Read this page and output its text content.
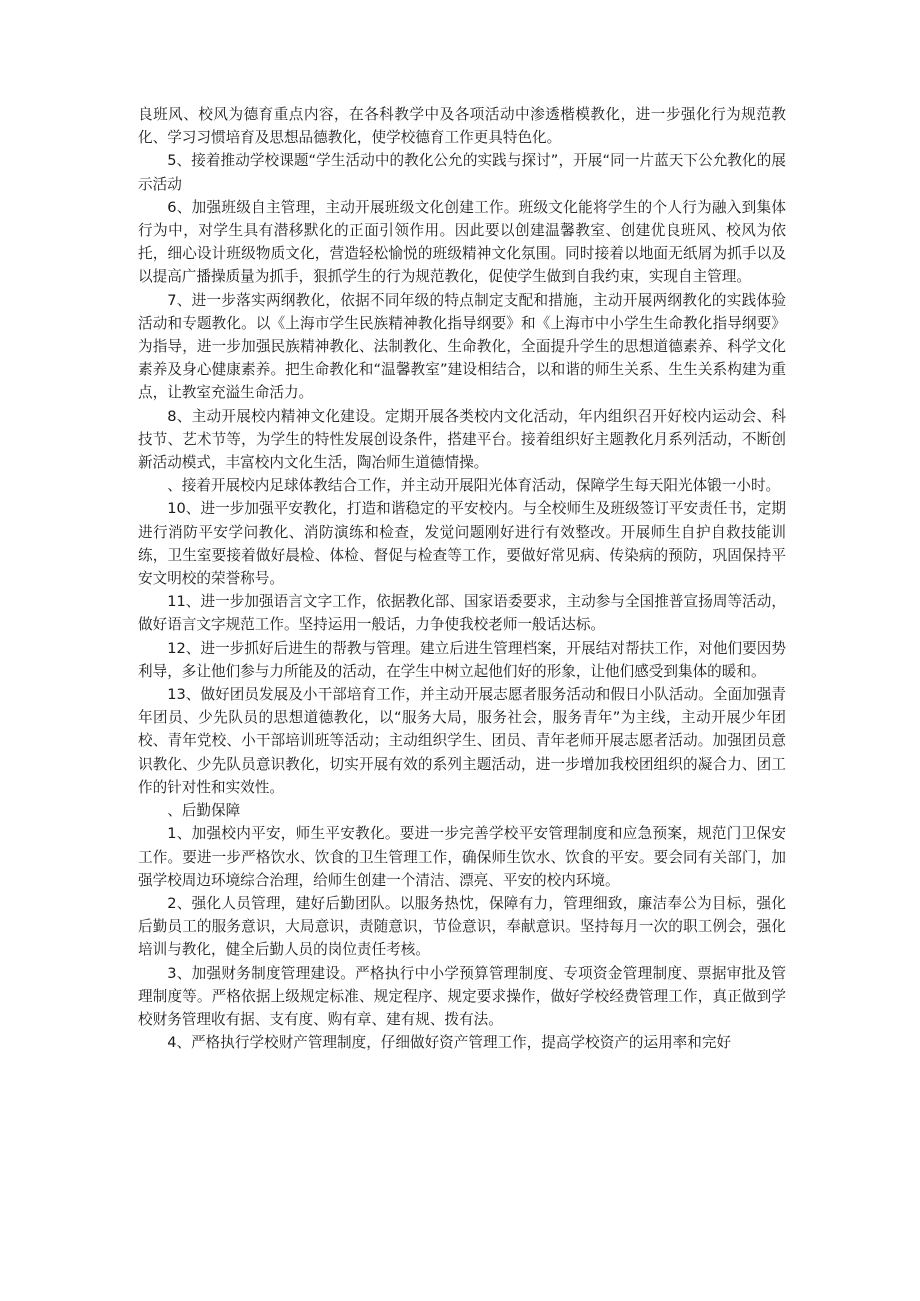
良班风、校风为德育重点内容，在各科教学中及各项活动中渗透楷模教化，进一步强化行为规范教化、学习习惯培育及思想品德教化，使学校德育工作更具特色化。

5、接着推动学校课题“学生活动中的教化公允的实践与探讨”，开展“同一片蓝天下公允教化的展示活动

6、加强班级自主管理，主动开展班级文化创建工作。班级文化能将学生的个人行为融入到集体行为中，对学生具有潜移默化的正面引领作用。因此要以创建温馨教室、创建优良班风、校风为依托，细心设计班级物质文化，营造轻松愉悦的班级精神文化氛围。同时接着以地面无纸屑为抓手以及以提高广播操质量为抓手，狠抓学生的行为规范教化，促使学生做到自我约束，实现自主管理。

7、进一步落实两纲教化，依据不同年级的特点制定支配和措施，主动开展两纲教化的实践体验活动和专题教化。以《上海市学生民族精神教化指导纲要》和《上海市中小学生生命教化指导纲要》为指导，进一步加强民族精神教化、法制教化、生命教化，全面提升学生的思想道德素养、科学文化素养及身心健康素养。把生命教化和“温馨教室”建设相结合，以和谐的师生关系、生生关系构建为重点，让教室充溢生命活力。

8、主动开展校内精神文化建设。定期开展各类校内文化活动，年内组织召开好校内运动会、科技节、艺术节等，为学生的特性发展创设条件，搭建平台。接着组织好主题教化月系列活动，不断创新活动模式，丰富校内文化生活，陶冶师生道德情操。

、接着开展校内足球体教结合工作，并主动开展阳光体育活动，保障学生每天阳光体锻一小时。

10、进一步加强平安教化，打造和谐稳定的平安校内。与全校师生及班级签订平安责任书，定期进行消防平安学问教化、消防演练和检查，发觉问题刚好进行有效整改。开展师生自护自救技能训练，卫生室要接着做好晨检、体检、督促与检查等工作，要做好常见病、传染病的预防，巩固保持平安文明校的荣誉称号。

11、进一步加强语言文字工作，依据教化部、国家语委要求，主动参与全国推普宣扬周等活动，做好语言文字规范工作。坚持运用一般话，力争使我校老师一般话达标。

12、进一步抓好后进生的帮教与管理。建立后进生管理档案，开展结对帮扶工作，对他们要因势利导，多让他们参与力所能及的活动，在学生中树立起他们好的形象，让他们感受到集体的暖和。

13、做好团员发展及小干部培育工作，并主动开展志愿者服务活动和假日小队活动。全面加强青年团员、少先队员的思想道德教化，以“服务大局，服务社会，服务青年”为主线，主动开展少年团校、青年党校、小干部培训班等活动；主动组织学生、团员、青年老师开展志愿者活动。加强团员意识教化、少先队员意识教化，切实开展有效的系列主题活动，进一步增加我校团组织的凝合力、团工作的针对性和实效性。

、后勤保障

1、加强校内平安，师生平安教化。要进一步完善学校平安管理制度和应急预案，规范门卫保安工作。要进一步严格饮水、饮食的卫生管理工作，确保师生饮水、饮食的平安。要会同有关部门，加强学校周边环境综合治理，给师生创建一个清洁、漂亮、平安的校内环境。

2、强化人员管理，建好后勤团队。以服务热忱，保障有力，管理细致，廉洁奉公为目标，强化后勤员工的服务意识，大局意识，责随意识，节俭意识，奉献意识。坚持每月一次的职工例会，强化培训与教化，健全后勤人员的岗位责任考核。

3、加强财务制度管理建设。严格执行中小学预算管理制度、专项资金管理制度、票据审批及管理制度等。严格依据上级规定标准、规定程序、规定要求操作，做好学校经费管理工作，真正做到学校财务管理收有据、支有度、购有章、建有规、拨有法。

4、严格执行学校财产管理制度，仔细做好资产管理工作，提高学校资产的运用率和完好
